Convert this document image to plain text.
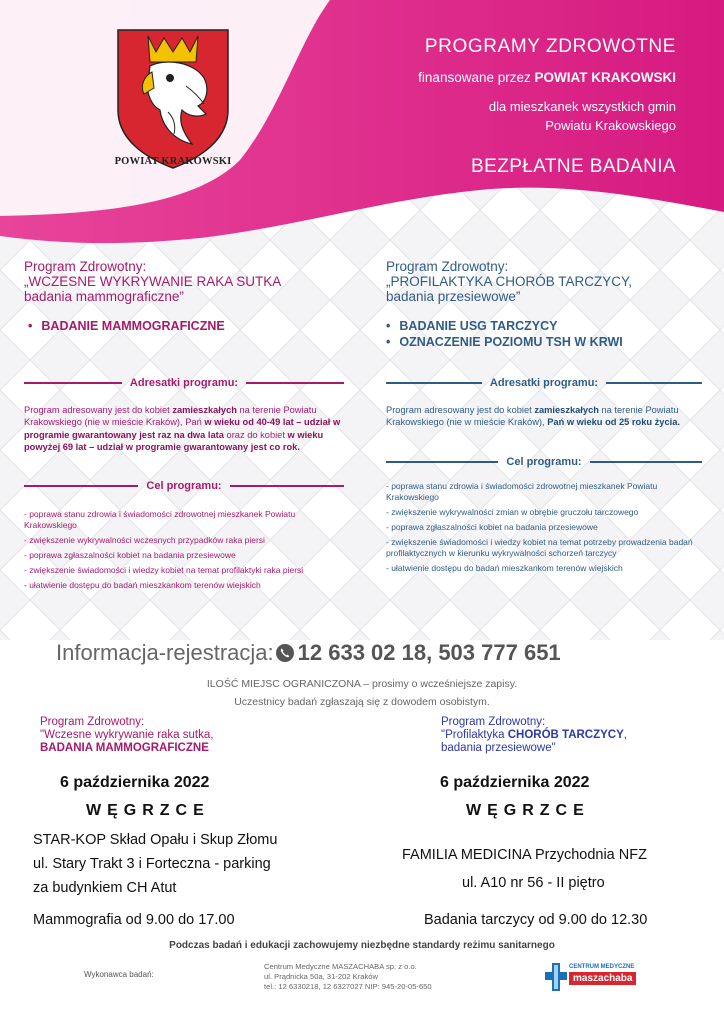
POWIAT KRAKOWSKI
PROGRAMY ZDROWOTNE
finansowane przez POWIAT KRAKOWSKI
dla mieszkanek wszystkich gmin
Powiatu Krakowskiego
BEZPŁATNE BADANIA
Program Zdrowotny:
„WCZESNE WYKRYWANIE RAKA SUTKA
badania mammograficzne”
• BADANIE MAMMOGRAFICZNE
Adresatki programu:
Program adresowany jest do kobiet zamieszkałych na terenie Powiatu Krakowskiego (nie w mieście Kraków), Pań w wieku od 40-49 lat – udział w programie gwarantowany jest raz na dwa lata oraz do kobiet w wieku powyżej 69 lat – udział w programie gwarantowany jest co rok.
Cel programu:
- poprawa stanu zdrowia i świadomości zdrowotnej mieszkanek Powiatu Krakowskiego
- zwiększenie wykrywalności wczesnych przypadków raka piersi
- poprawa zgłaszalności kobiet na badania przesiewowe
- zwiększenie świadomości i wiedzy kobiet na temat profilaktyki raka piersi
- ułatwienie dostępu do badań mieszkankom terenów wiejskich
Program Zdrowotny:
„PROFILAKTYKA CHORÓB TARCZYCY,
badania przesiewowe”
• BADANIE USG TARCZYCY
• OZNACZENIE POZIOMU TSH W KRWI
Adresatki programu:
Program adresowany jest do kobiet zamieszkałych na terenie Powiatu Krakowskiego (nie w mieście Kraków), Pań w wieku od 25 roku życia.
Cel programu:
- poprawa stanu zdrowia i świadomości zdrowotnej mieszkanek Powiatu Krakowskiego
- zwiększenie wykrywalności zmian w obrębie gruczołu tarczowego
- poprawa zgłaszalności kobiet na badania przesiewowe
- zwiększenie świadomości i wiedzy kobiet na temat potrzeby prowadzenia badań profilaktycznych w kierunku wykrywalności schorzeń tarczycy
- ułatwienie dostępu do badań mieszkankom terenów wiejskich
Informacja-rejestracja: 12 633 02 18, 503 777 651
ILOŚĆ MIEJSC OGRANICZONA – prosimy o wcześniejsze zapisy.
Uczestnicy badań zgłaszają się z dowodem osobistym.
Program Zdrowotny:
"Wczesne wykrywanie raka sutka,
BADANIA MAMMOGRAFICZNE
6 października 2022
WĘGRZCE
STAR-KOP Skład Opału i Skup Złomu
ul. Stary Trakt 3 i Forteczna - parking
za budynkiem CH Atut
Mammografia od 9.00 do 17.00
Program Zdrowotny:
"Profilaktyka CHORÓB TARCZYCY,
badania przesiewowe"
6 października 2022
WĘGRZCE
FAMILIA MEDICINA Przychodnia NFZ
ul. A10 nr 56 - II piętro
Badania tarczycy od 9.00 do 12.30
Podczas badań i edukacji zachowujemy niezbędne standardy reżimu sanitarnego
Wykonawca badań:
Centrum Medyczne MASZACHABA sp. z o.o.
ul. Prądnicka 50a, 31-202 Kraków
tel.: 12 6330218, 12 6327027 NIP: 945-20-05-650
CENTRUM MEDYCZNE
maszachaba
